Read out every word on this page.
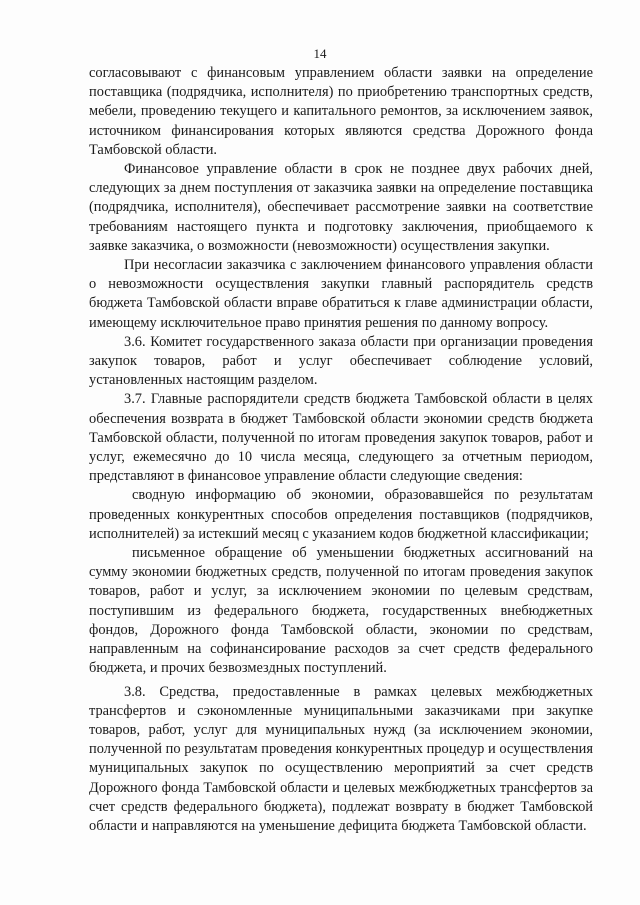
14

согласовывают с финансовым управлением области заявки на определение поставщика (подрядчика, исполнителя) по приобретению транспортных средств, мебели, проведению текущего и капитального ремонтов, за исключением заявок, источником финансирования которых являются средства Дорожного фонда Тамбовской области.

Финансовое управление области в срок не позднее двух рабочих дней, следующих за днем поступления от заказчика заявки на определение поставщика (подрядчика, исполнителя), обеспечивает рассмотрение заявки на соответствие требованиям настоящего пункта и подготовку заключения, приобщаемого к заявке заказчика, о возможности (невозможности) осуществления закупки.

При несогласии заказчика с заключением финансового управления области о невозможности осуществления закупки главный распорядитель средств бюджета Тамбовской области вправе обратиться к главе администрации области, имеющему исключительное право принятия решения по данному вопросу.

3.6. Комитет государственного заказа области при организации проведения закупок товаров, работ и услуг обеспечивает соблюдение условий, установленных настоящим разделом.

3.7. Главные распорядители средств бюджета Тамбовской области в целях обеспечения возврата в бюджет Тамбовской области экономии средств бюджета Тамбовской области, полученной по итогам проведения закупок товаров, работ и услуг, ежемесячно до 10 числа месяца, следующего за отчетным периодом, представляют в финансовое управление области следующие сведения:

сводную информацию об экономии, образовавшейся по результатам проведенных конкурентных способов определения поставщиков (подрядчиков, исполнителей) за истекший месяц с указанием кодов бюджетной классификации;

письменное обращение об уменьшении бюджетных ассигнований на сумму экономии бюджетных средств, полученной по итогам проведения закупок товаров, работ и услуг, за исключением экономии по целевым средствам, поступившим из федерального бюджета, государственных внебюджетных фондов, Дорожного фонда Тамбовской области, экономии по средствам, направленным на софинансирование расходов за счет средств федерального бюджета, и прочих безвозмездных поступлений.

3.8. Средства, предоставленные в рамках целевых межбюджетных трансфертов и сэкономленные муниципальными заказчиками при закупке товаров, работ, услуг для муниципальных нужд (за исключением экономии, полученной по результатам проведения конкурентных процедур и осуществления муниципальных закупок по осуществлению мероприятий за счет средств Дорожного фонда Тамбовской области и целевых межбюджетных трансфертов за счет средств федерального бюджета), подлежат возврату в бюджет Тамбовской области и направляются на уменьшение дефицита бюджета Тамбовской области.
